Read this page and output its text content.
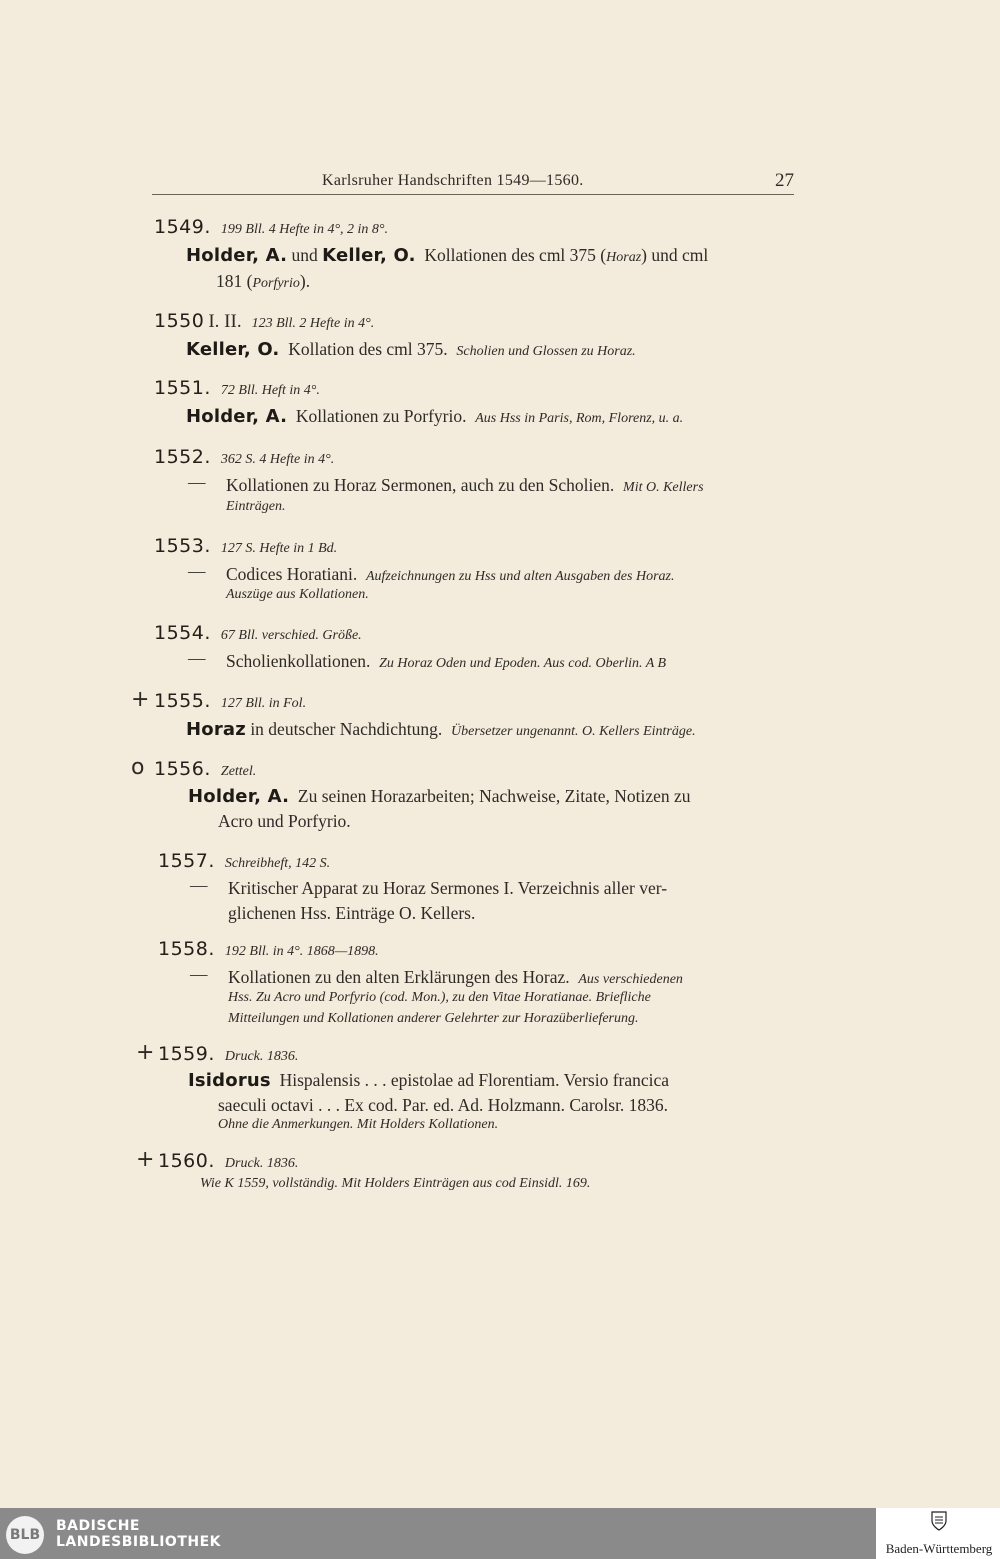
Karlsruher Handschriften 1549—1560.	27
1549. 199 Bll. 4 Hefte in 4°, 2 in 8°.
Holder, A. und Keller, O. Kollationen des cml 375 (Horaz) und cml
181 (Porfyrio).
1550 I. II. 123 Bll. 2 Hefte in 4°.
Keller, O. Kollation des cml 375. Scholien und Glossen zu Horaz.
1551. 72 Bll. Heft in 4°.
Holder, A. Kollationen zu Porfyrio. Aus Hss in Paris, Rom, Florenz, u. a.
1552. 362 S. 4 Hefte in 4°.
— Kollationen zu Horaz Sermonen, auch zu den Scholien. Mit O. Kellers
Einträgen.
1553. 127 S. Hefte in 1 Bd.
— Codices Horatiani. Aufzeichnungen zu Hss und alten Ausgaben des Horaz.
Auszüge aus Kollationen.
1554. 67 Bll. verschied. Größe.
— Scholienkollationen. Zu Horaz Oden und Epoden. Aus cod. Oberlin. A B
+ 1555. 127 Bll. in Fol.
Horaz in deutscher Nachdichtung. Übersetzer ungenannt. O. Kellers Einträge.
o 1556. Zettel.
Holder, A. Zu seinen Horazarbeiten; Nachweise, Zitate, Notizen zu
Acro und Porfyrio.
1557. Schreibheft, 142 S.
— Kritischer Apparat zu Horaz Sermones I. Verzeichnis aller ver-
glichenen Hss. Einträge O. Kellers.
1558. 192 Bll. in 4°. 1868—1898.
— Kollationen zu den alten Erklärungen des Horaz. Aus verschiedenen
Hss. Zu Acro und Porfyrio (cod. Mon.), zu den Vitae Horatianae. Briefliche
Mitteilungen und Kollationen anderer Gelehrter zur Horazüberlieferung.
+ 1559. Druck. 1836.
Isidorus Hispalensis . . . epistolae ad Florentiam. Versio francica
saeculi octavi . . . Ex cod. Par. ed. Ad. Holzmann. Carolsr. 1836.
Ohne die Anmerkungen. Mit Holders Kollationen.
+ 1560. Druck. 1836.
Wie K 1559, vollständig. Mit Holders Einträgen aus cod Einsidl. 169.
BLB
BADISCHE
LANDESBIBLIOTHEK	Baden-Württemberg
